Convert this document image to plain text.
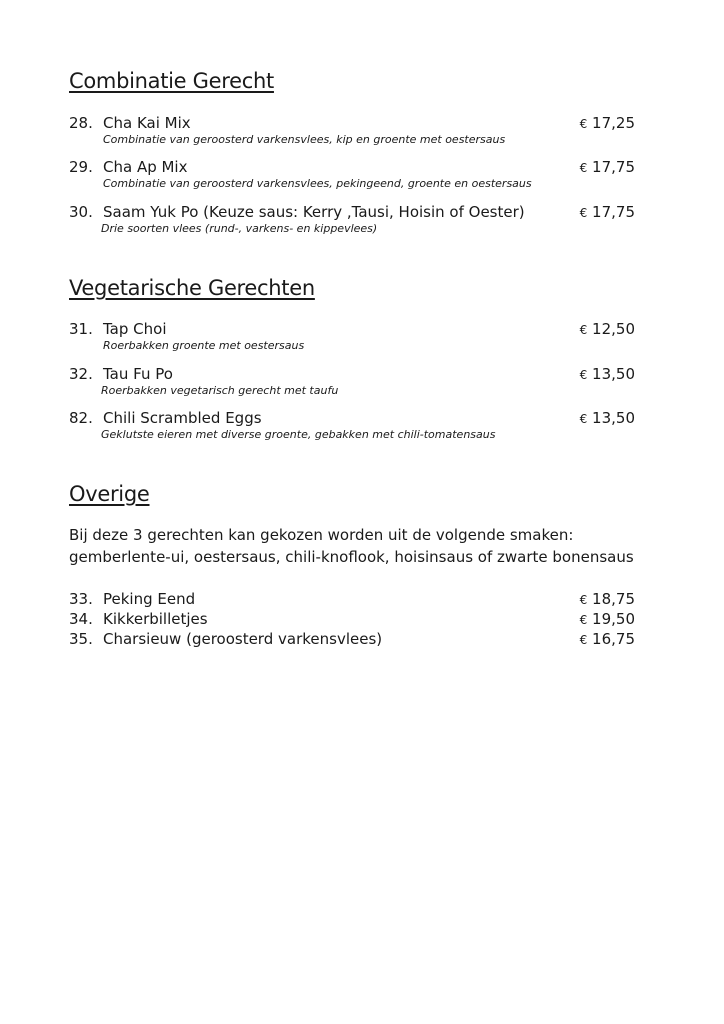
Combinatie Gerecht
28. Cha Kai Mix	€ 17,25
Combinatie van geroosterd varkensvlees, kip en groente met oestersaus
29. Cha Ap Mix	€ 17,75
Combinatie van geroosterd varkensvlees, pekingeend, groente en oestersaus
30. Saam Yuk Po (Keuze saus: Kerry ,Tausi, Hoisin of Oester)	€ 17,75
Drie soorten vlees (rund-, varkens- en kippevlees)
Vegetarische Gerechten
31. Tap Choi	€ 12,50
Roerbakken groente met oestersaus
32. Tau Fu Po	€ 13,50
Roerbakken vegetarisch gerecht met taufu
82. Chili Scrambled Eggs	€ 13,50
Geklutste eieren met diverse groente, gebakken met chili-tomatensaus
Overige
Bij deze 3 gerechten kan gekozen worden uit de volgende smaken:
gemberlente-ui, oestersaus, chili-knoflook, hoisinsaus of zwarte bonensaus
33. Peking Eend	€ 18,75
34. Kikkerbilletjes	€ 19,50
35. Charsieuw (geroosterd varkensvlees)	€ 16,75
